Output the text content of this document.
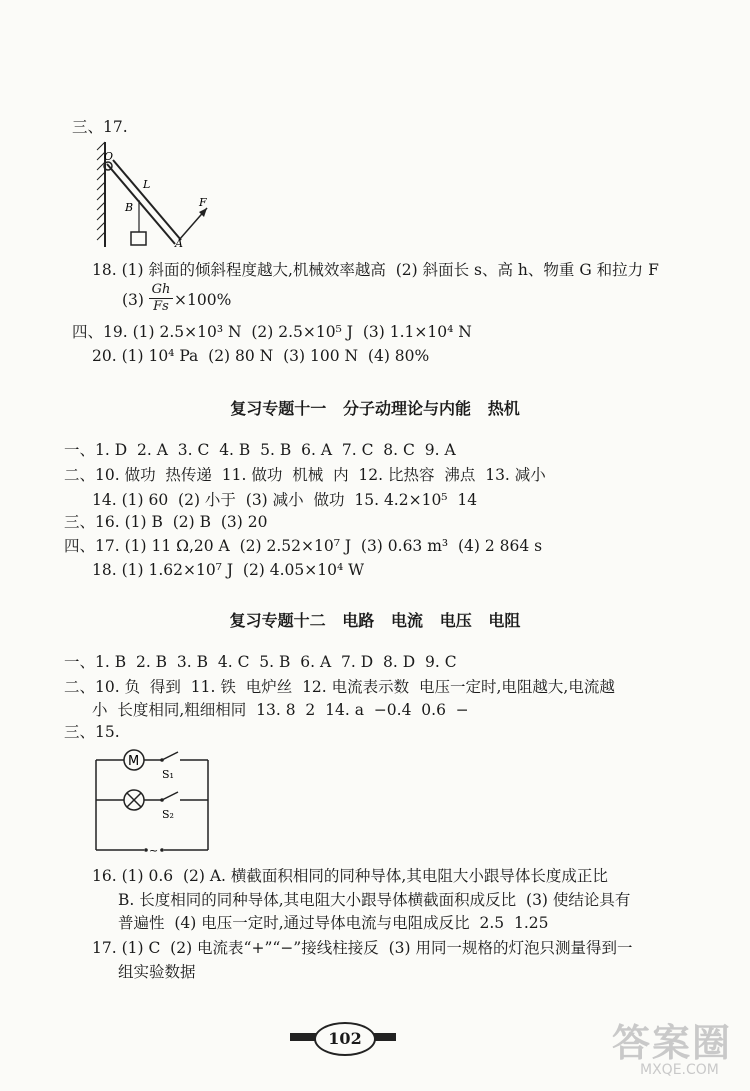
三、17.
O
L
B	F
A
18. (1) 斜面的倾斜程度越大,机械效率越高  (2) 斜面长 s、高 h、物重 G 和拉力 F
(3)
Gh
Fs ×100%
四、19. (1) 2.5×10³ N  (2) 2.5×10⁵ J  (3) 1.1×10⁴ N
20. (1) 10⁴ Pa  (2) 80 N  (3) 100 N  (4) 80%
复习专题十一   分子动理论与内能   热机
一、1. D  2. A  3. C  4. B  5. B  6. A  7. C  8. C  9. A
二、10. 做功  热传递  11. 做功  机械  内  12. 比热容  沸点  13. 减小
14. (1) 60  (2) 小于  (3) 减小  做功  15. 4.2×10⁵  14
三、16. (1) B  (2) B  (3) 20
四、17. (1) 11 Ω,20 A  (2) 2.52×10⁷ J  (3) 0.63 m³  (4) 2 864 s
18. (1) 1.62×10⁷ J  (2) 4.05×10⁴ W
复习专题十二   电路   电流   电压   电阻
一、1. B  2. B  3. B  4. C  5. B  6. A  7. D  8. D  9. C
二、10. 负  得到  11. 铁  电炉丝  12. 电流表示数  电压一定时,电阻越大,电流越
小  长度相同,粗细相同  13. 8  2  14. a  −0.4  0.6  −
三、15.
M
S₁
S₂
~
16. (1) 0.6  (2) A. 横截面积相同的同种导体,其电阻大小跟导体长度成正比
B. 长度相同的同种导体,其电阻大小跟导体横截面积成反比  (3) 使结论具有
普遍性  (4) 电压一定时,通过导体电流与电阻成反比  2.5  1.25
17. (1) C  (2) 电流表“+”“−”接线柱接反  (3) 用同一规格的灯泡只测量得到一
组实验数据
102	答案圈
MXQE.COM
